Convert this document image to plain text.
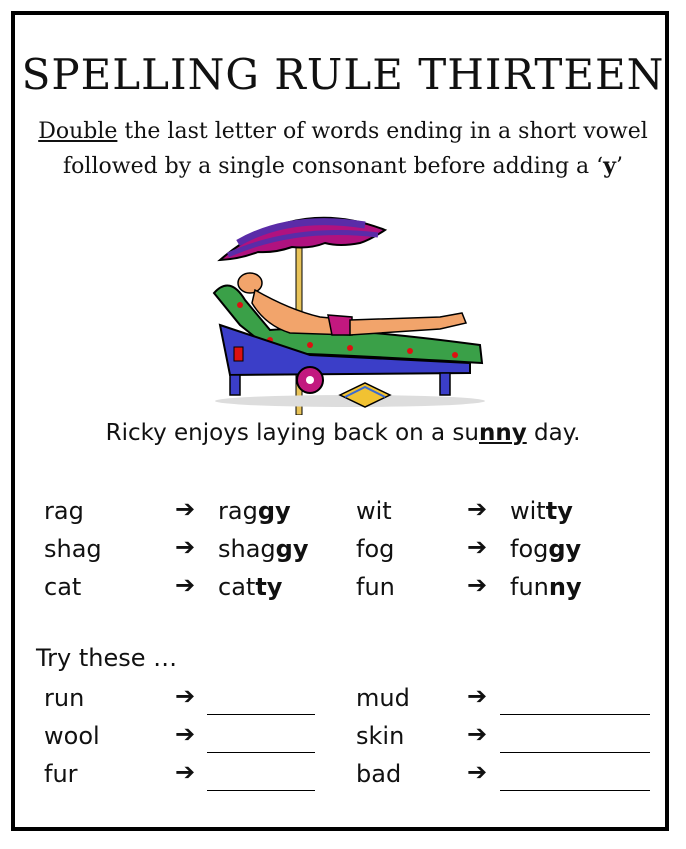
SPELLING RULE THIRTEEN
Double the last letter of words ending in a short vowel
followed by a single consonant before adding a ‘y’
Ricky enjoys laying back on a sunny day.
rag	➔ raggy
shag	➔ shaggy
cat	➔ catty
wit	➔ witty
fog	➔ foggy
fun	➔ funny
Try these …
run	➔
wool	➔
fur	➔
mud ➔
skin	➔
bad	➔
